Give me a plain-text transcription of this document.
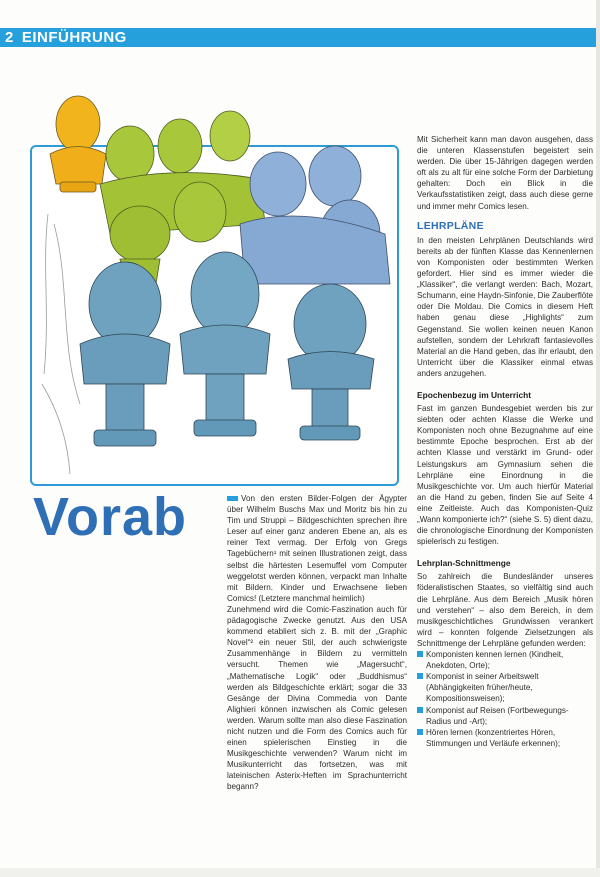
2 EINFÜHRUNG
Vorab	Von den ersten Bilder-Folgen der Ägypter über Wilhelm Buschs Max und Moritz bis hin zu Tim und Struppi – Bildgeschichten sprechen ihre Leser auf einer ganz anderen Ebene an, als es reiner Text vermag. Der Erfolg von Gregs Tagebüchern¹ mit seinen Illustrationen zeigt, dass selbst die härtesten Lesemuffel vom Computer weggelotst werden können, verpackt man Inhalte mit Bildern. Kinder und Erwachsene lieben Comics! (Letztere manchmal heimlich)

Zunehmend wird die Comic-Faszination auch für pädagogische Zwecke genutzt. Aus den USA kommend etabliert sich z. B. mit der „Graphic Novel“² ein neuer Stil, der auch schwierigste Zusammenhänge in Bildern zu vermitteln versucht. Themen wie „Magersucht“, „Mathematische Logik“ oder „Buddhismus“ werden als Bildgeschichte erklärt; sogar die 33 Gesänge der Divina Commedia von Dante Alighieri können inzwischen als Comic gelesen werden. Warum sollte man also diese Faszination nicht nutzen und die Form des Comics auch für einen spielerischen Einstieg in die Musikgeschichte verwenden? Warum nicht im Musikunterricht das fortsetzen, was mit lateinischen Asterix-Heften im Sprachunterricht begann?

Mit Sicherheit kann man davon ausgehen, dass die unteren Klassenstufen begeistert sein werden. Die über 15-Jährigen dagegen werden oft als zu alt für eine solche Form der Darbietung gehalten: Doch ein Blick in die Verkaufsstatistiken zeigt, dass auch diese gerne und immer mehr Comics lesen.

LEHRPLÄNE

In den meisten Lehrplänen Deutschlands wird bereits ab der fünften Klasse das Kennenlernen von Komponisten oder bestimmten Werken gefordert. Hier sind es immer wieder die „Klassiker“, die verlangt werden: Bach, Mozart, Schumann, eine Haydn-Sinfonie, Die Zauberflöte oder Die Moldau. Die Comics in diesem Heft haben genau diese „Highlights“ zum Gegenstand. Sie wollen keinen neuen Kanon aufstellen, sondern der Lehrkraft fantasievolles Material an die Hand geben, das ihr erlaubt, den Unterricht über die Klassiker einmal etwas anders anzugehen.

Epochenbezug im Unterricht

Fast im ganzen Bundesgebiet werden bis zur siebten oder achten Klasse die Werke und Komponisten noch ohne Bezugnahme auf eine bestimmte Epoche besprochen. Erst ab der achten Klasse und verstärkt im Grund- oder Leistungskurs am Gymnasium sehen die Lehrpläne eine Einordnung in die Musikgeschichte vor. Um auch hierfür Material an die Hand zu geben, finden Sie auf Seite 4 eine Zeitleiste. Auch das Komponisten-Quiz „Wann komponierte ich?“ (siehe S. 5) dient dazu, die chronologische Einordnung der Komponisten spielerisch zu festigen.

Lehrplan-Schnittmenge

So zahlreich die Bundesländer unseres föderalistischen Staates, so vielfältig sind auch die Lehrpläne. Aus dem Bereich „Musik hören und verstehen“ – also dem Bereich, in dem musikgeschichtliches Grundwissen verankert wird – konnten folgende Zielsetzungen als Schnittmenge der Lehrpläne gefunden werden:

Komponisten kennen lernen (Kindheit, Anekdoten, Orte);
Komponist in seiner Arbeitswelt (Abhängigkeiten früher/heute, Kompositionsweisen);
Komponist auf Reisen (Fortbewegungs-Radius und -Art);
Hören lernen (konzentriertes Hören, Stimmungen und Verläufe erkennen);
